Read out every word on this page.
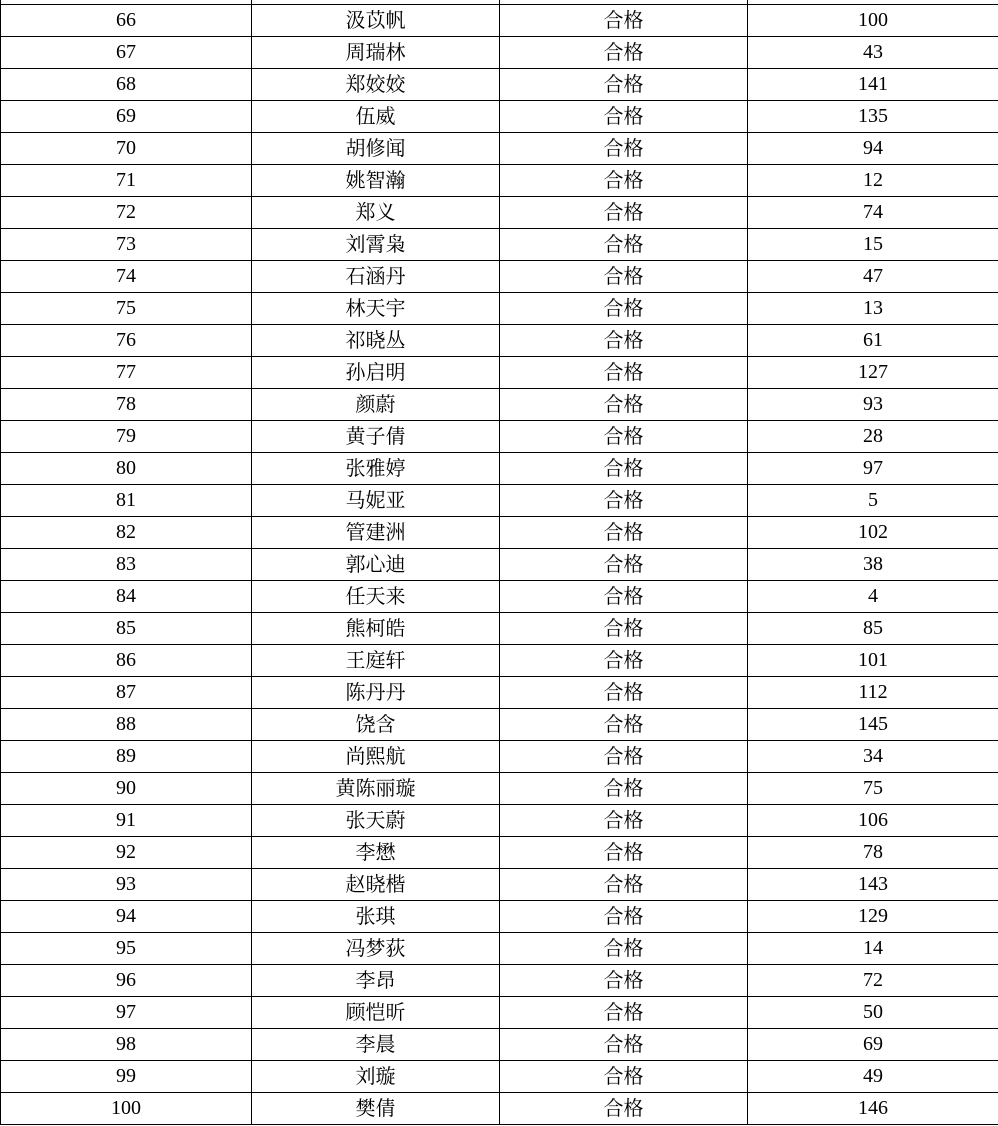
66	汲苡帆	合格	100
67	周瑞林	合格	43
68	郑姣姣	合格	141
69	伍威	合格	135
70	胡修闻	合格	94
71	姚智瀚	合格	12
72	郑义	合格	74
73	刘霄枭	合格	15
74	石涵丹	合格	47
75	林天宇	合格	13
76	祁晓丛	合格	61
77	孙启明	合格	127
78	颜蔚	合格	93
79	黄子倩	合格	28
80	张雅婷	合格	97
81	马妮亚	合格	5
82	管建洲	合格	102
83	郭心迪	合格	38
84	任天来	合格	4
85	熊柯皓	合格	85
86	王庭轩	合格	101
87	陈丹丹	合格	112
88	饶含	合格	145
89	尚熙航	合格	34
90	黄陈丽璇	合格	75
91	张天蔚	合格	106
92	李懋	合格	78
93	赵晓楷	合格	143
94	张琪	合格	129
95	冯梦荻	合格	14
96	李昂	合格	72
97	顾恺昕	合格	50
98	李晨	合格	69
99	刘璇	合格	49
100	樊倩	合格	146
